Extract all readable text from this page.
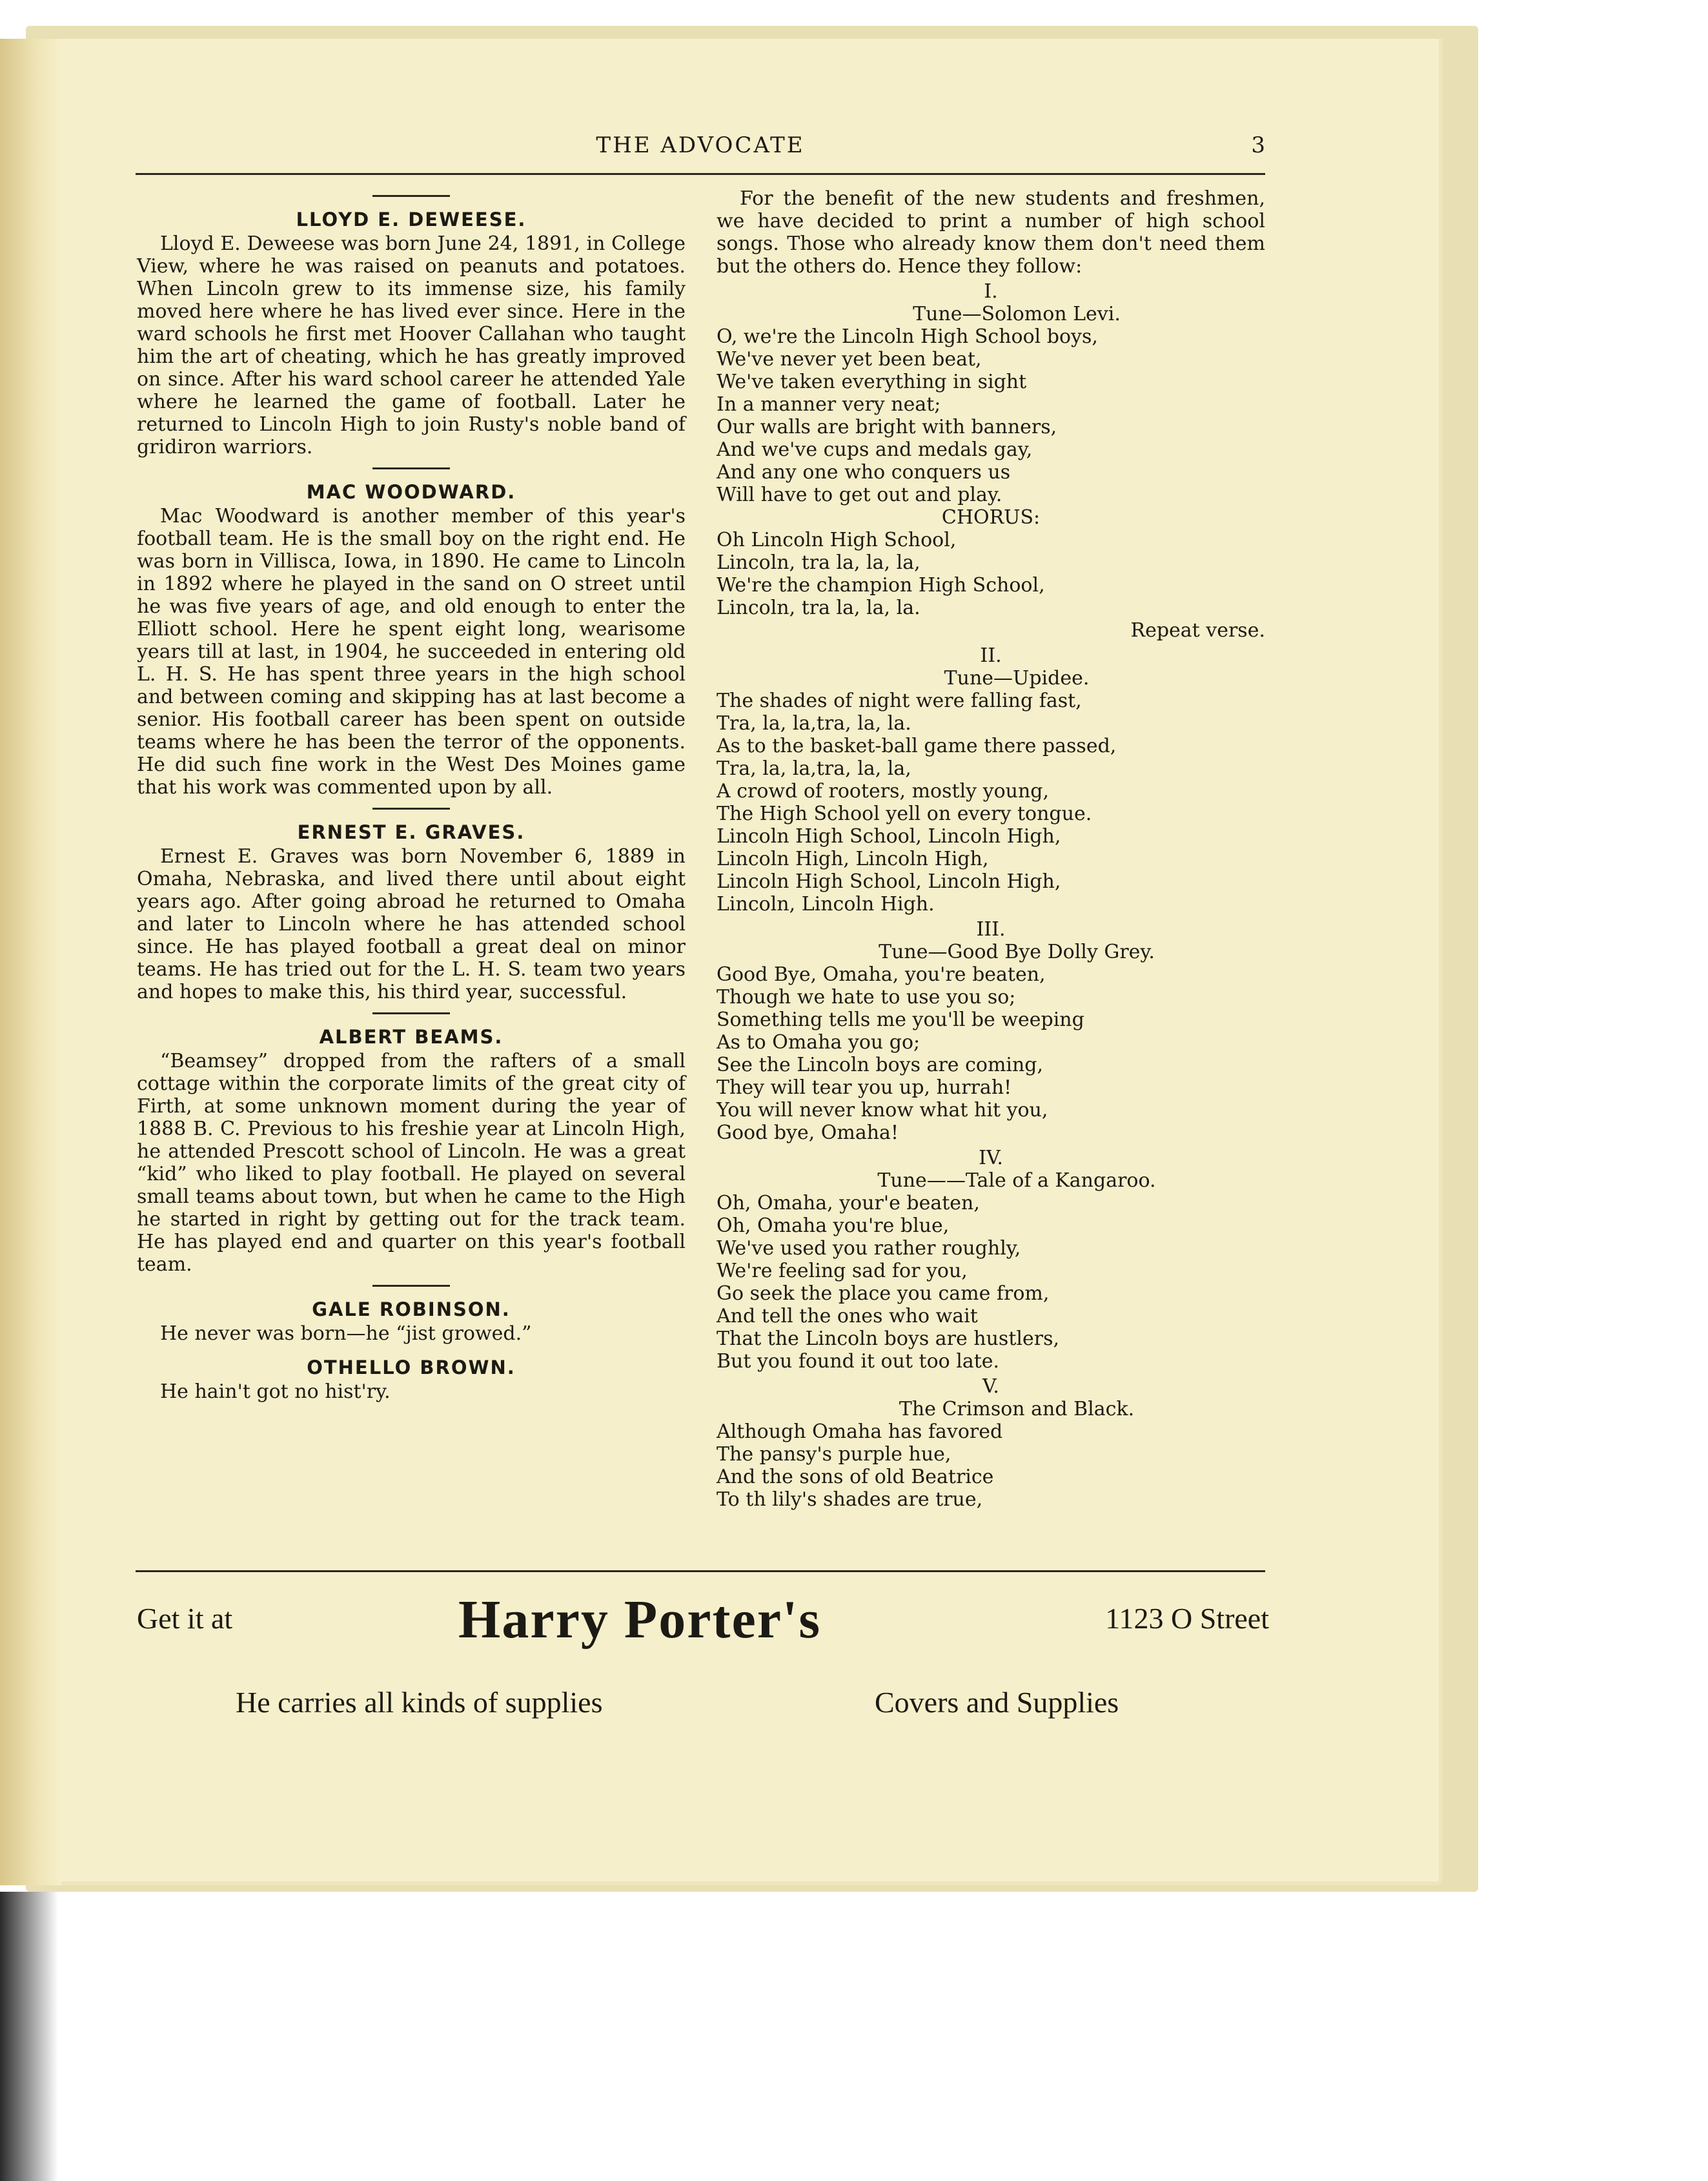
THE ADVOCATE	3
LLOYD E. DEWEESE.

Lloyd E. Deweese was born June 24, 1891, in College View, where he was raised on peanuts and potatoes. When Lincoln grew to its immense size, his family moved here where he has lived ever since. Here in the ward schools he first met Hoover Callahan who taught him the art of cheating, which he has greatly improved on since. After his ward school career he attended Yale where he learned the game of football. Later he returned to Lincoln High to join Rusty's noble band of gridiron warriors.

MAC WOODWARD.

Mac Woodward is another member of this year's football team. He is the small boy on the right end. He was born in Villisca, Iowa, in 1890. He came to Lincoln in 1892 where he played in the sand on O street until he was five years of age, and old enough to enter the Elliott school. Here he spent eight long, wearisome years till at last, in 1904, he succeeded in entering old L. H. S. He has spent three years in the high school and between coming and skipping has at last become a senior. His football career has been spent on outside teams where he has been the terror of the opponents. He did such fine work in the West Des Moines game that his work was commented upon by all.

ERNEST E. GRAVES.

Ernest E. Graves was born November 6, 1889 in Omaha, Nebraska, and lived there until about eight years ago. After going abroad he returned to Omaha and later to Lincoln where he has attended school since. He has played football a great deal on minor teams. He has tried out for the L. H. S. team two years and hopes to make this, his third year, successful.

ALBERT BEAMS.

“Beamsey” dropped from the rafters of a small cottage within the corporate limits of the great city of Firth, at some unknown moment during the year of 1888 B. C. Previous to his freshie year at Lincoln High, he attended Prescott school of Lincoln. He was a great “kid” who liked to play football. He played on several small teams about town, but when he came to the High he started in right by getting out for the track team. He has played end and quarter on this year's football team.

GALE ROBINSON.

He never was born—he “jist growed.”

OTHELLO BROWN.

He hain't got no hist'ry.

For the benefit of the new students and freshmen, we have decided to print a number of high school songs. Those who already know them don't need them but the others do. Hence they follow:

I.
Tune—Solomon Levi.
O, we're the Lincoln High School boys,
We've never yet been beat,
We've taken everything in sight
In a manner very neat;
Our walls are bright with banners,
And we've cups and medals gay,
And any one who conquers us
Will have to get out and play.
CHORUS:
Oh Lincoln High School,
Lincoln, tra la, la, la,
We're the champion High School,
Lincoln, tra la, la, la.
Repeat verse.
II.
Tune—Upidee.
The shades of night were falling fast,
Tra, la, la,tra, la, la.
As to the basket-ball game there passed,
Tra, la, la,tra, la, la,
A crowd of rooters, mostly young,
The High School yell on every tongue.
Lincoln High School, Lincoln High,
Lincoln High, Lincoln High,
Lincoln High School, Lincoln High,
Lincoln, Lincoln High.
III.
Tune—Good Bye Dolly Grey.
Good Bye, Omaha, you're beaten,
Though we hate to use you so;
Something tells me you'll be weeping
As to Omaha you go;
See the Lincoln boys are coming,
They will tear you up, hurrah!
You will never know what hit you,
Good bye, Omaha!
IV.
Tune——Tale of a Kangaroo.
Oh, Omaha, your'e beaten,
Oh, Omaha you're blue,
We've used you rather roughly,
We're feeling sad for you,
Go seek the place you came from,
And tell the ones who wait
That the Lincoln boys are hustlers,
But you found it out too late.
V.
The Crimson and Black.
Although Omaha has favored
The pansy's purple hue,
And the sons of old Beatrice
To th lily's shades are true,
Get it at	Harry Porter's	1123 O Street
He carries all kinds of supplies	Covers and Supplies
